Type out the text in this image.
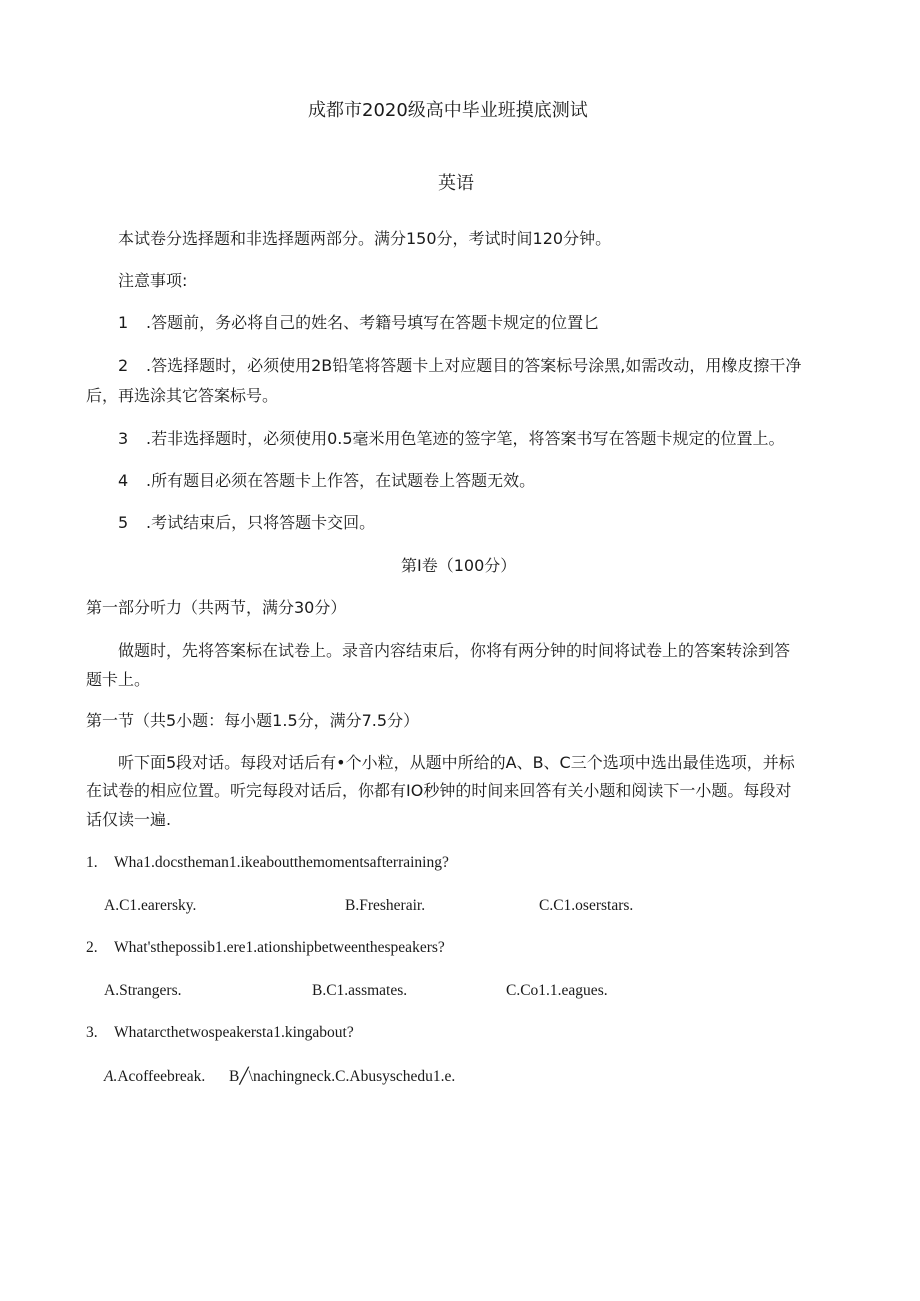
成都市2020级高中毕业班摸底测试
英语
本试卷分选择题和非选择题两部分。满分150分，考试时间120分钟。
注意事项:
1 .答题前，务必将自己的姓名、考籍号填写在答题卡规定的位置匕
2 .答选择题时，必须使用2B铅笔将答题卡上对应题目的答案标号涂黑,如需改动，用橡皮擦干净
后，再选涂其它答案标号。
3 .若非选择题时，必须使用0.5毫米用色笔迹的签字笔，将答案书写在答题卡规定的位置上。
4 .所有题目必须在答题卡上作答，在试题卷上答题无效。
5 .考试结束后，只将答题卡交回。
第I卷（100分）
第一部分听力（共两节，满分30分）
做题时，先将答案标在试卷上。录音内容结束后，你将有两分钟的时间将试卷上的答案转涂到答
题卡上。
第一节（共5小题：每小题1.5分，满分7.5分）
听下面5段对话。每段对话后有•个小粒，从题中所给的A、B、C三个选项中选出最佳选项，并标
在试卷的相应位置。听完每段对话后，你都有IO秒钟的时间来回答有关小题和阅读下一小题。每段对
话仅读一遍.
1. Wha1.docstheman1.ikeaboutthemomentsafterraining?
A.C1.earersky.	B.Fresherair.	C.C1.oserstars.
2. What'sthepossib1.ere1.ationshipbetweenthespeakers?
A.Strangers.	B.C1.assmates.	C.Co1.1.eagues.
3. Whatarcthetwospeakersta1.kingabout?
A.Acoffeebreak. B╱\nachingneck.C.Abusyschedu1.e.
